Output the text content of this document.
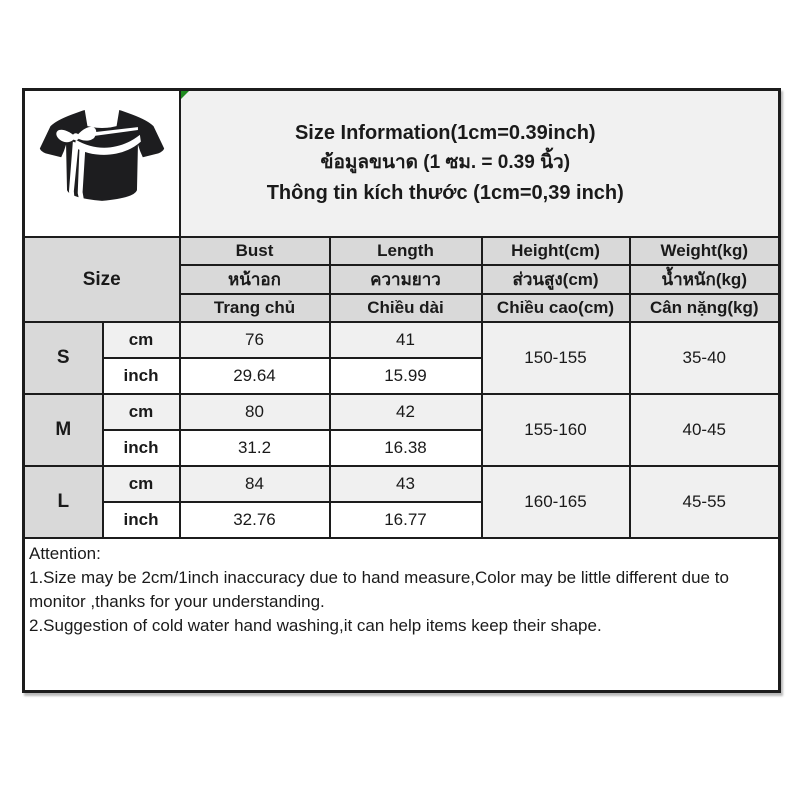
Size Information(1cm=0.39inch)
ข้อมูลขนาด (1 ซม. = 0.39 นิ้ว)
Thông tin kích thước (1cm=0,39 inch)			

Size		Bust	Length	Height(cm)	Weight(kg)
		หน้าอก	ความยาว	ส่วนสูง(cm)	น้ำหนัก(kg)
		Trang chủ	Chiều dài	Chiều cao(cm)	Cân nặng(kg)
S	cm	76	41	150-155	35-40
	inch	29.64	15.99		
M	cm	80	42	155-160	40-45
	inch	31.2	16.38		
L	cm	84	43	160-165	45-55
	inch	32.76	16.77		

Attention:
1.Size may be 2cm/1inch inaccuracy due to hand measure,Color may be little different due to monitor ,thanks for your understanding.
2.Suggestion of cold water hand washing,it can help items keep their shape.					
